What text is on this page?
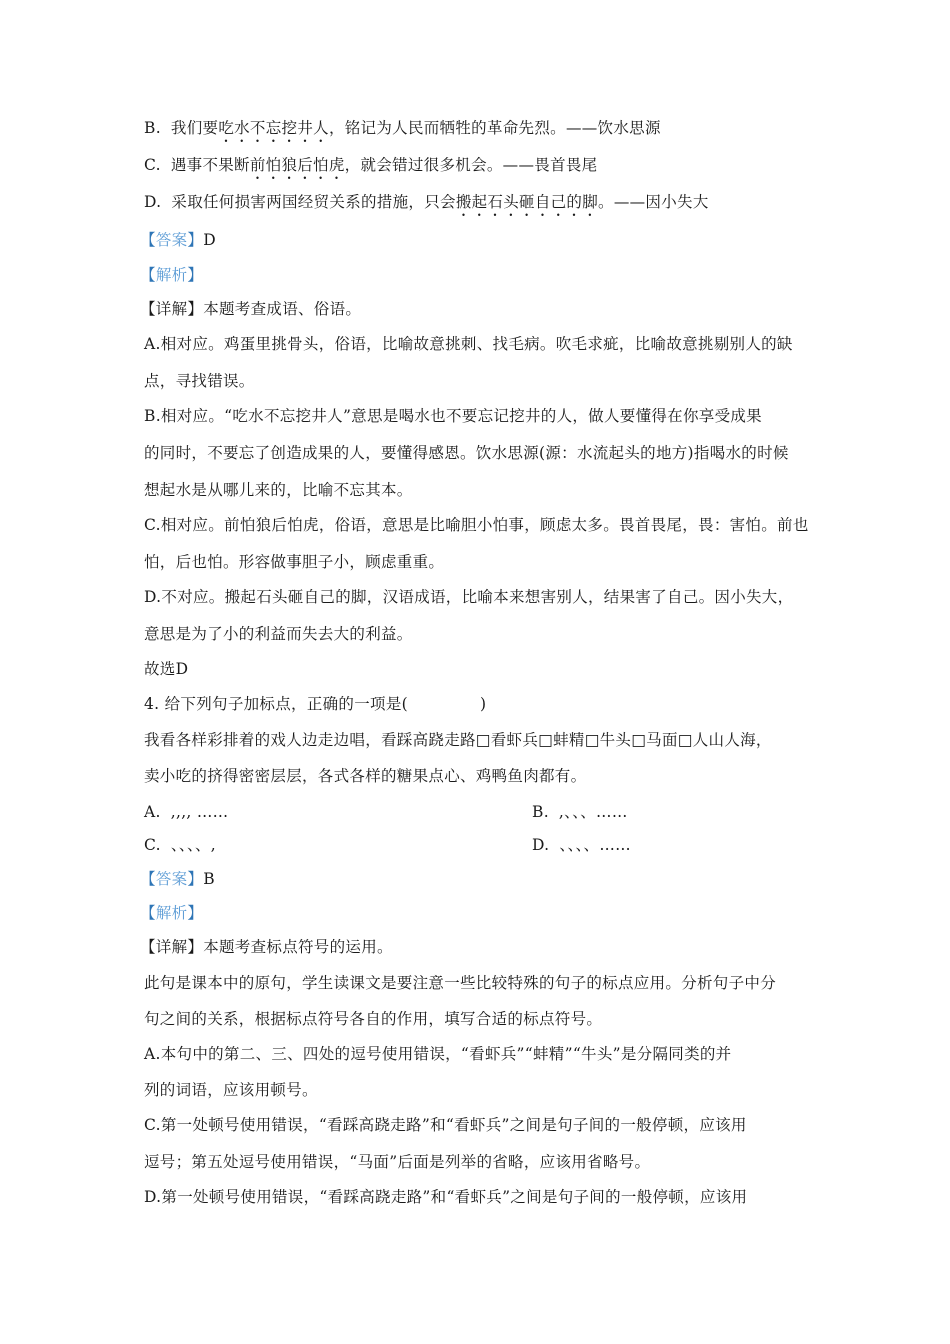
B. 我们要吃水不忘挖井人，铭记为人民而牺牲的革命先烈。——饮水思源
C. 遇事不果断前怕狼后怕虎，就会错过很多机会。——畏首畏尾
D. 采取任何损害两国经贸关系的措施，只会搬起石头砸自己的脚。——因小失大
【答案】D
【解析】
【详解】本题考查成语、俗语。
A.相对应。鸡蛋里挑骨头，俗语，比喻故意挑刺、找毛病。吹毛求疵，比喻故意挑剔别人的缺
点，寻找错误。
B.相对应。“吃水不忘挖井人”意思是喝水也不要忘记挖井的人，做人要懂得在你享受成果
的同时，不要忘了创造成果的人，要懂得感恩。饮水思源(源：水流起头的地方)指喝水的时候
想起水是从哪儿来的，比喻不忘其本。
C.相对应。前怕狼后怕虎，俗语，意思是比喻胆小怕事，顾虑太多。畏首畏尾，畏：害怕。前也
怕，后也怕。形容做事胆子小，顾虑重重。
D.不对应。搬起石头砸自己的脚，汉语成语，比喻本来想害别人，结果害了自己。因小失大，
意思是为了小的利益而失去大的利益。
故选D
4. 给下列句子加标点，正确的一项是(	)
我看各样彩排着的戏人边走边唱，看踩高跷走路□看虾兵□蚌精□牛头□马面□人山人海，
卖小吃的挤得密密层层，各式各样的糖果点心、鸡鸭鱼肉都有。
A. ,,,, ……	B. ,、、、……
C. 、、、、,	D. 、、、、……
【答案】B
【解析】
【详解】本题考查标点符号的运用。
此句是课本中的原句，学生读课文是要注意一些比较特殊的句子的标点应用。分析句子中分
句之间的关系，根据标点符号各自的作用，填写合适的标点符号。
A.本句中的第二、三、四处的逗号使用错误，“看虾兵”“蚌精”“牛头”是分隔同类的并
列的词语，应该用顿号。
C.第一处顿号使用错误，“看踩高跷走路”和“看虾兵”之间是句子间的一般停顿，应该用
逗号；第五处逗号使用错误，“马面”后面是列举的省略，应该用省略号。
D.第一处顿号使用错误，“看踩高跷走路”和“看虾兵”之间是句子间的一般停顿，应该用
